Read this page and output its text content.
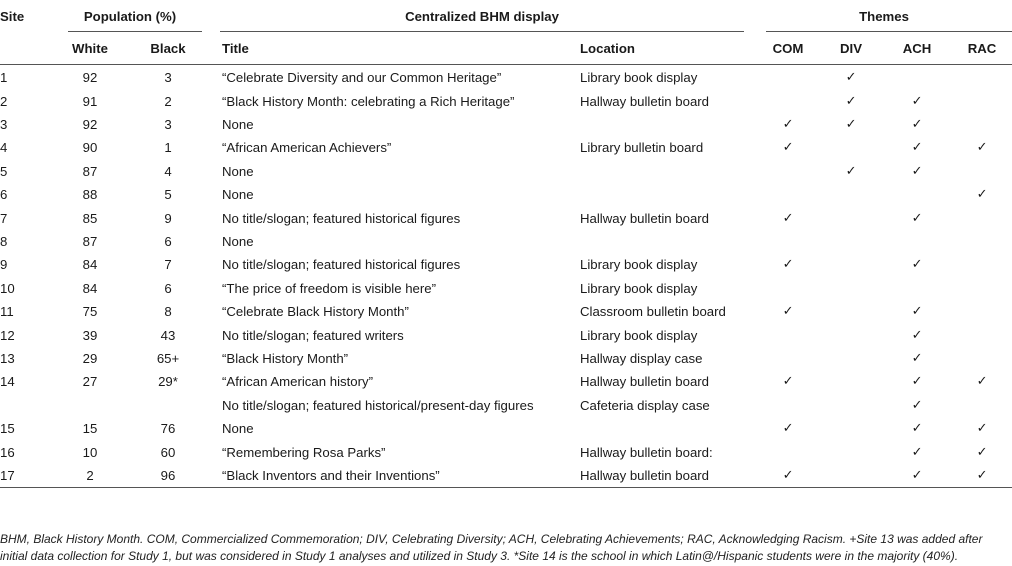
Site	Population (%)		Centralized BHM display		Themes			
	White	Black	Title	Location	COM	DIV	ACH	RAC
1	92	3	“Celebrate Diversity and our Common Heritage”	Library book display		✓		
2	91	2	“Black History Month: celebrating a Rich Heritage”	Hallway bulletin board		✓	✓	
3	92	3	None		✓	✓	✓	
4	90	1	“African American Achievers”	Library bulletin board	✓		✓	✓
5	87	4	None			✓	✓	
6	88	5	None					✓
7	85	9	No title/slogan; featured historical figures	Hallway bulletin board	✓		✓	
8	87	6	None					
9	84	7	No title/slogan; featured historical figures	Library book display	✓		✓	
10	84	6	“The price of freedom is visible here”	Library book display				
11	75	8	“Celebrate Black History Month”	Classroom bulletin board	✓		✓	
12	39	43	No title/slogan; featured writers	Library book display			✓	
13	29	65+	“Black History Month”	Hallway display case			✓	
14	27	29*	“African American history”	Hallway bulletin board	✓		✓	✓
			No title/slogan; featured historical/present-day figures	Cafeteria display case			✓	
15	15	76	None		✓		✓	✓
16	10	60	“Remembering Rosa Parks”	Hallway bulletin board:			✓	✓
17	2	96	“Black Inventors and their Inventions”	Hallway bulletin board	✓		✓	✓

BHM, Black History Month. COM, Commercialized Commemoration; DIV, Celebrating Diversity; ACH, Celebrating Achievements; RAC, Acknowledging Racism. +Site 13 was added after initial data collection for Study 1, but was considered in Study 1 analyses and utilized in Study 3. *Site 14 is the school in which Latin@/Hispanic students were in the majority (40%).
